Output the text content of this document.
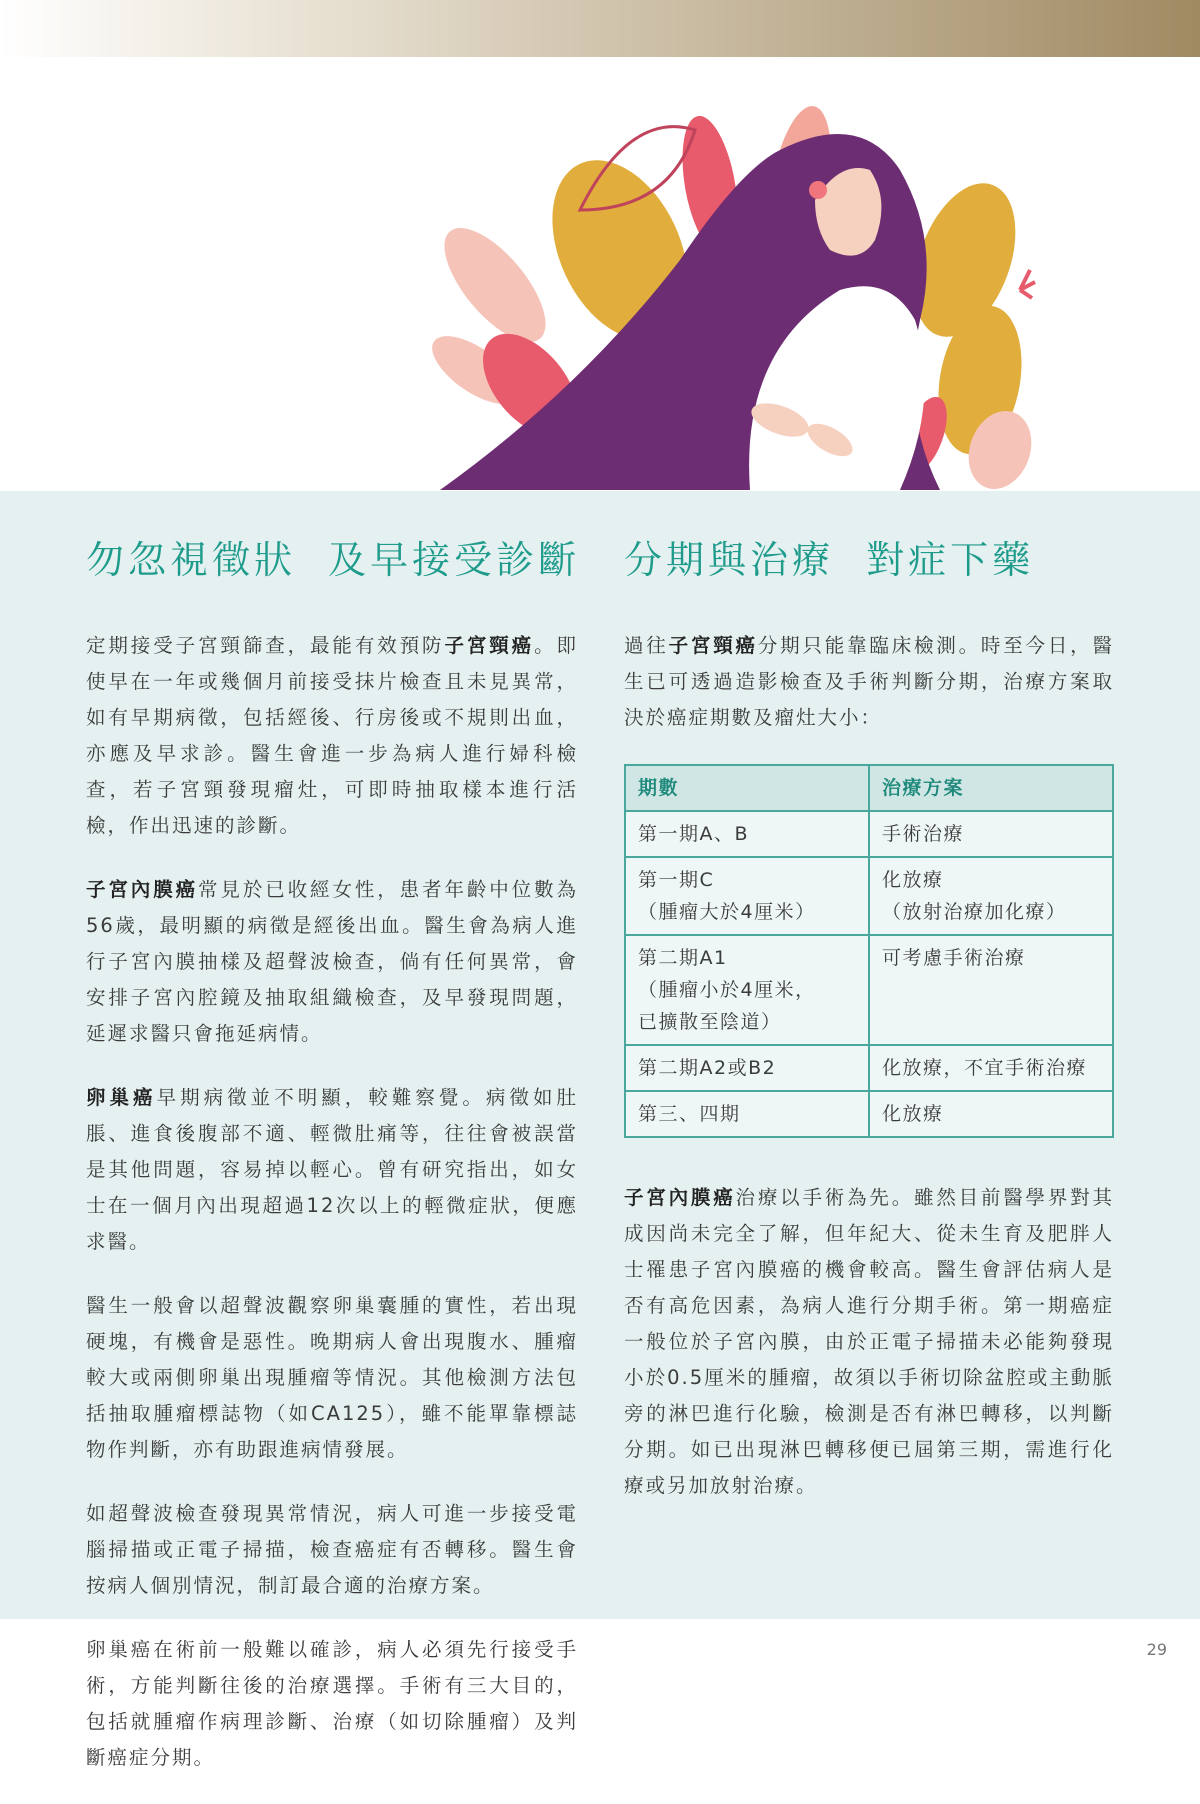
勿忽視徵狀  及早接受診斷

定期接受子宮頸篩查，最能有效預防子宮頸癌。即使早在一年或幾個月前接受抹片檢查且未見異常，如有早期病徵，包括經後、行房後或不規則出血，亦應及早求診。醫生會進一步為病人進行婦科檢查，若子宮頸發現瘤灶，可即時抽取樣本進行活檢，作出迅速的診斷。

子宮內膜癌常見於已收經女性，患者年齡中位數為56歲，最明顯的病徵是經後出血。醫生會為病人進行子宮內膜抽樣及超聲波檢查，倘有任何異常，會安排子宮內腔鏡及抽取組織檢查，及早發現問題，延遲求醫只會拖延病情。

卵巢癌早期病徵並不明顯，較難察覺。病徵如肚脹、進食後腹部不適、輕微肚痛等，往往會被誤當是其他問題，容易掉以輕心。曾有研究指出，如女士在一個月內出現超過12次以上的輕微症狀，便應求醫。

醫生一般會以超聲波觀察卵巢囊腫的實性，若出現硬塊，有機會是惡性。晚期病人會出現腹水、腫瘤較大或兩側卵巢出現腫瘤等情況。其他檢測方法包括抽取腫瘤標誌物（如CA125），雖不能單靠標誌物作判斷，亦有助跟進病情發展。

如超聲波檢查發現異常情況，病人可進一步接受電腦掃描或正電子掃描，檢查癌症有否轉移。醫生會按病人個別情況，制訂最合適的治療方案。

卵巢癌在術前一般難以確診，病人必須先行接受手術，方能判斷往後的治療選擇。手術有三大目的，包括就腫瘤作病理診斷、治療（如切除腫瘤）及判斷癌症分期。

分期與治療  對症下藥

過往子宮頸癌分期只能靠臨床檢測。時至今日，醫生已可透過造影檢查及手術判斷分期，治療方案取決於癌症期數及瘤灶大小：

期數	治療方案

第一期A、B	手術治療

第一期C
（腫瘤大於4厘米）	化放療
（放射治療加化療）

第二期A1
（腫瘤小於4厘米，
已擴散至陰道）	可考慮手術治療

第二期A2或B2	化放療，不宜手術治療

第三、四期	化放療

子宮內膜癌治療以手術為先。雖然目前醫學界對其成因尚未完全了解，但年紀大、從未生育及肥胖人士罹患子宮內膜癌的機會較高。醫生會評估病人是否有高危因素，為病人進行分期手術。第一期癌症一般位於子宮內膜，由於正電子掃描未必能夠發現小於0.5厘米的腫瘤，故須以手術切除盆腔或主動脈旁的淋巴進行化驗，檢測是否有淋巴轉移，以判斷分期。如已出現淋巴轉移便已屆第三期，需進行化療或另加放射治療。

29
